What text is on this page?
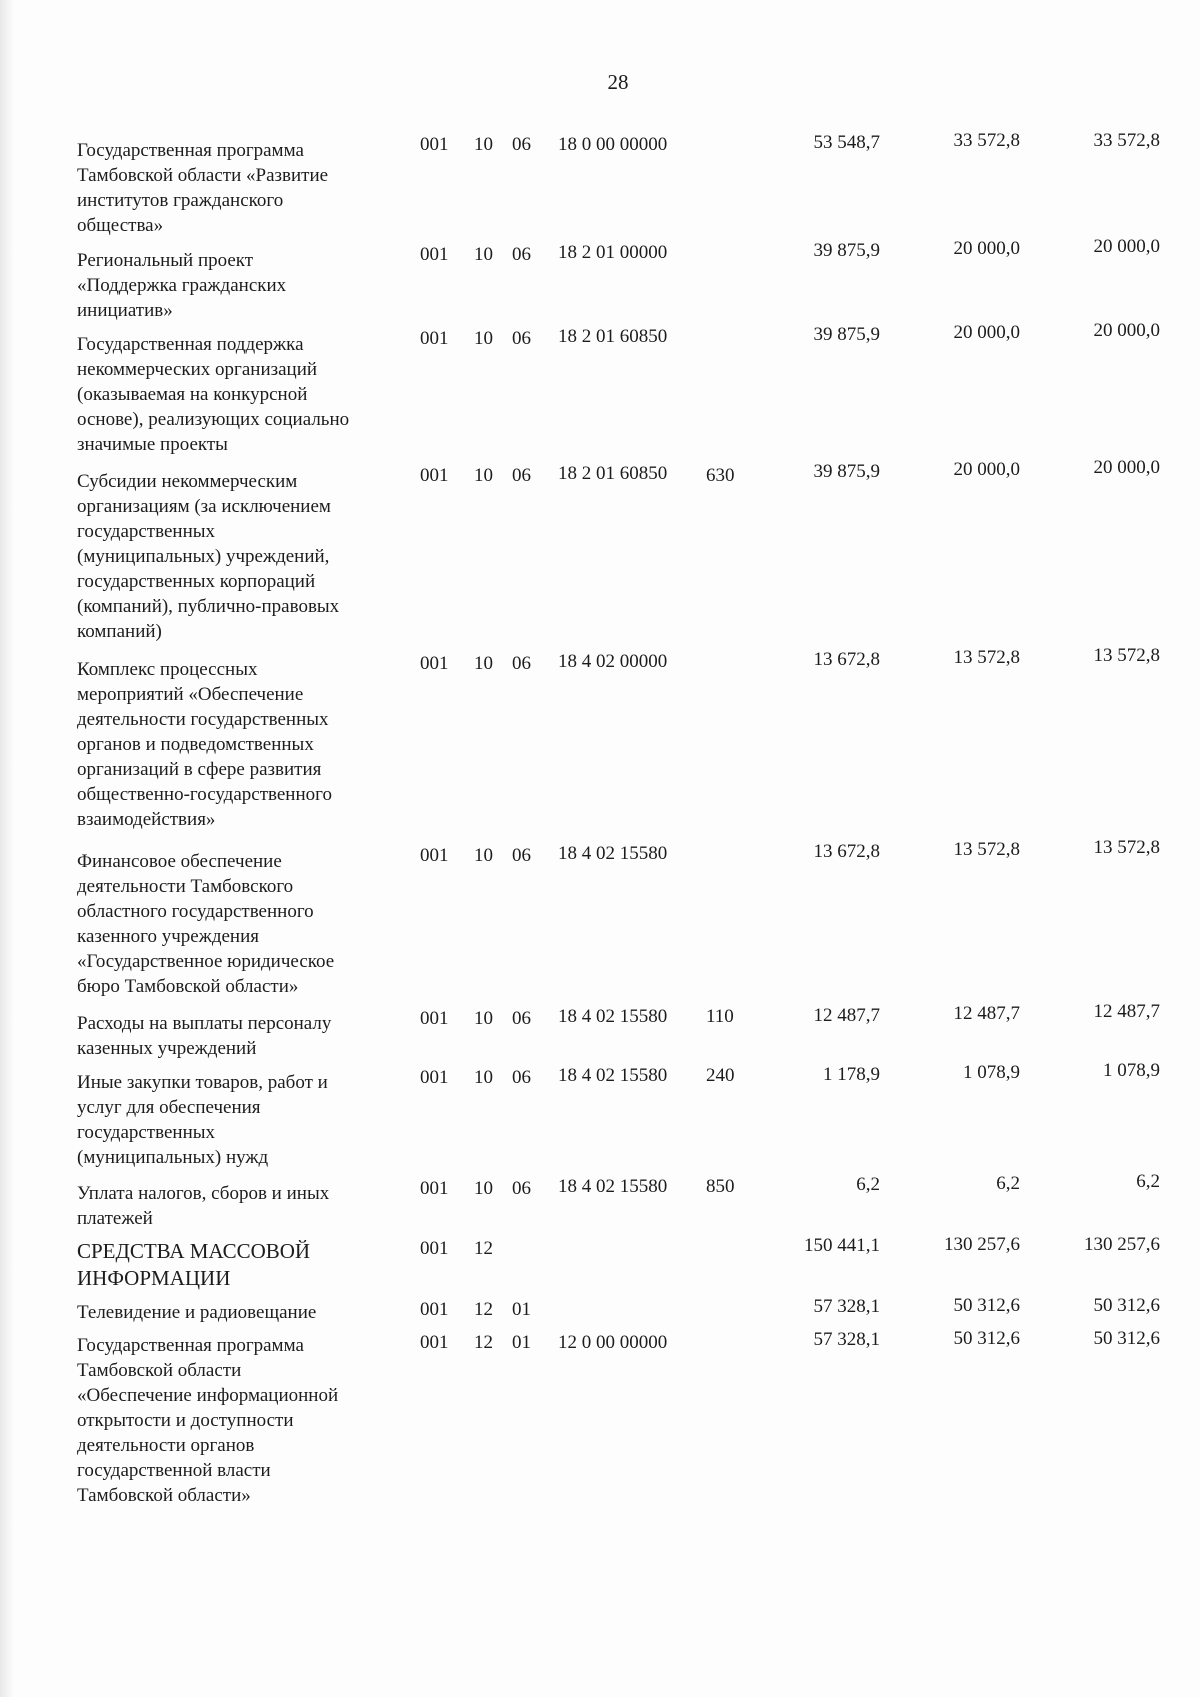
28
Государственная программа
Тамбовской области «Развитие
институтов гражданского
общества»
001 10 06 18 0 00 00000	53 548,7	33 572,8	33 572,8
Региональный проект
«Поддержка гражданских
инициатив»
001 10 06 18 2 01 00000	39 875,9	20 000,0	20 000,0
Государственная поддержка
некоммерческих организаций
(оказываемая на конкурсной
основе), реализующих социально
значимые проекты
001 10 06 18 2 01 60850	39 875,9	20 000,0	20 000,0
Субсидии некоммерческим
организациям (за исключением
государственных
(муниципальных) учреждений,
государственных корпораций
(компаний), публично-правовых
компаний)
001 10 06 18 2 01 60850 630	39 875,9	20 000,0	20 000,0
Комплекс процессных
мероприятий «Обеспечение
деятельности государственных
органов и подведомственных
организаций в сфере развития
общественно-государственного
взаимодействия»
001 10 06 18 4 02 00000	13 672,8	13 572,8	13 572,8
Финансовое обеспечение
деятельности Тамбовского
областного государственного
казенного учреждения
«Государственное юридическое
бюро Тамбовской области»
001 10 06 18 4 02 15580	13 672,8	13 572,8	13 572,8
Расходы на выплаты персоналу
казенных учреждений
001 10 06 18 4 02 15580 110	12 487,7	12 487,7	12 487,7
Иные закупки товаров, работ и
услуг для обеспечения
государственных
(муниципальных) нужд
001 10 06 18 4 02 15580 240	1 178,9	1 078,9	1 078,9
Уплата налогов, сборов и иных
платежей
001 10 06 18 4 02 15580 850	6,2	6,2	6,2
СРЕДСТВА МАССОВОЙ
ИНФОРМАЦИИ
001 12	150 441,1	130 257,6	130 257,6
Телевидение и радиовещание	001 12 01	57 328,1	50 312,6	50 312,6
Государственная программа
Тамбовской области
«Обеспечение информационной
открытости и доступности
деятельности органов
государственной власти
Тамбовской области»
001 12 01 12 0 00 00000	57 328,1	50 312,6	50 312,6
